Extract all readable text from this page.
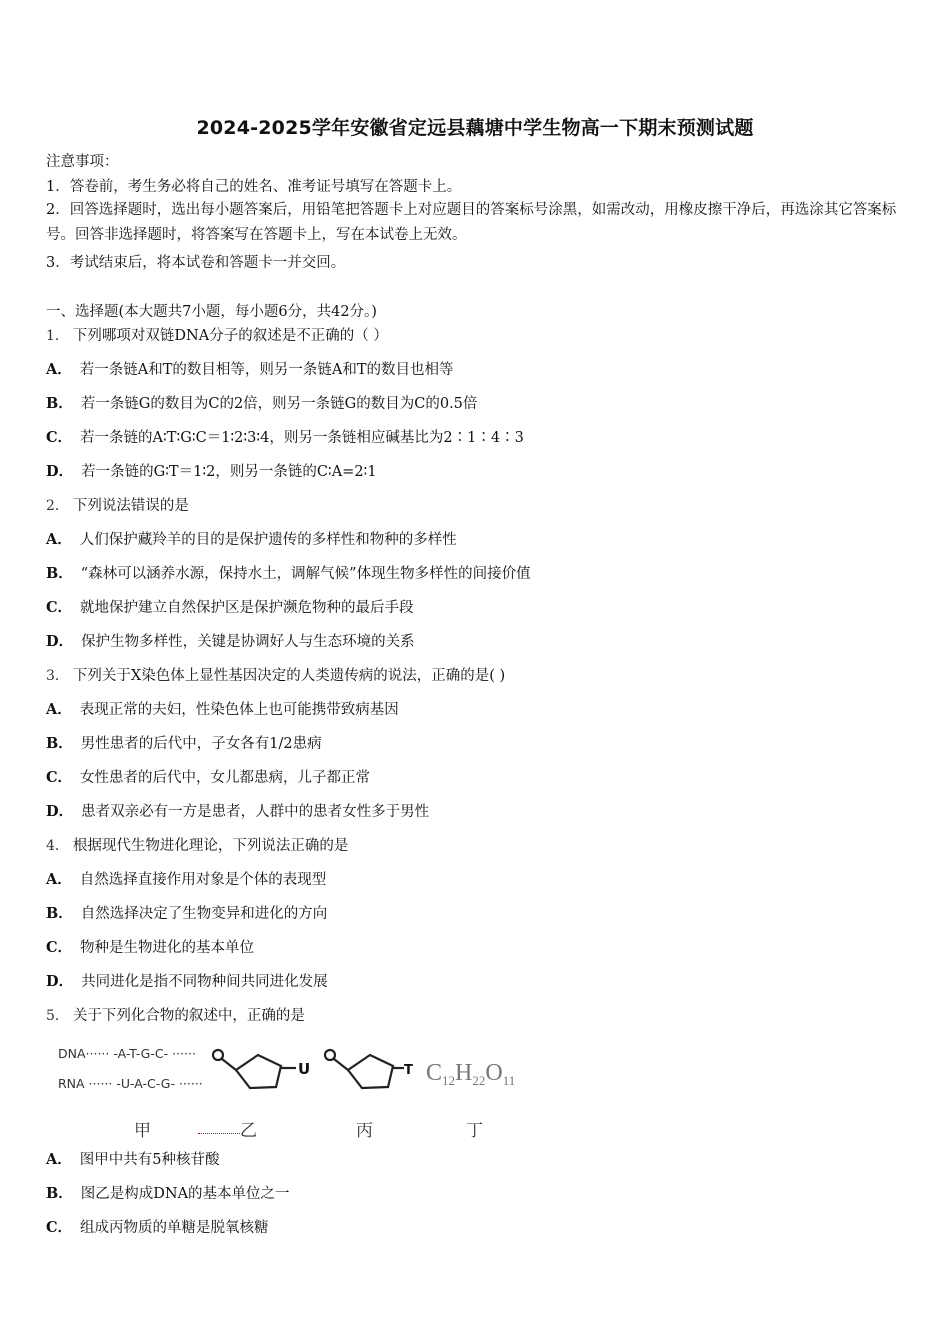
2024-2025学年安徽省定远县藕塘中学生物高一下期末预测试题
注意事项：
1．答卷前，考生务必将自己的姓名、准考证号填写在答题卡上。
2．回答选择题时，选出每小题答案后，用铅笔把答题卡上对应题目的答案标号涂黑，如需改动，用橡皮擦干净后，再选涂其它答案标号。回答非选择题时，将答案写在答题卡上，写在本试卷上无效。
3．考试结束后，将本试卷和答题卡一并交回。
一、选择题(本大题共7小题，每小题6分，共42分。)
1． 下列哪项对双链DNA分子的叙述是不正确的（ ）
A． 若一条链A和T的数目相等，则另一条链A和T的数目也相等
B． 若一条链G的数目为C的2倍，则另一条链G的数目为C的0.5倍
C． 若一条链的A∶T∶G∶C＝1∶2∶3∶4，则另一条链相应碱基比为2∶1∶4∶3
D． 若一条链的G∶T＝1∶2，则另一条链的C∶A=2∶1
2． 下列说法错误的是
A． 人们保护藏羚羊的目的是保护遗传的多样性和物种的多样性
B． “森林可以涵养水源，保持水土，调解气候”体现生物多样性的间接价值
C． 就地保护建立自然保护区是保护濒危物种的最后手段
D． 保护生物多样性，关键是协调好人与生态环境的关系
3． 下列关于X染色体上显性基因决定的人类遗传病的说法，正确的是( )
A． 表现正常的夫妇，性染色体上也可能携带致病基因
B． 男性患者的后代中，子女各有1/2患病
C． 女性患者的后代中，女儿都患病，儿子都正常
D． 患者双亲必有一方是患者，人群中的患者女性多于男性
4． 根据现代生物进化理论，下列说法正确的是
A． 自然选择直接作用对象是个体的表现型
B． 自然选择决定了生物变异和进化的方向
C． 物种是生物进化的基本单位
D． 共同进化是指不同物种间共同进化发展
5． 关于下列化合物的叙述中，正确的是
DNA······ -A-T-G-C- ······
RNA ······ -U-A-C-G- ······
U	T $C_{12}H_{22}O_{11}$
甲	乙	丙	丁
A． 图甲中共有5种核苷酸
B． 图乙是构成DNA的基本单位之一
C． 组成丙物质的单糖是脱氧核糖
